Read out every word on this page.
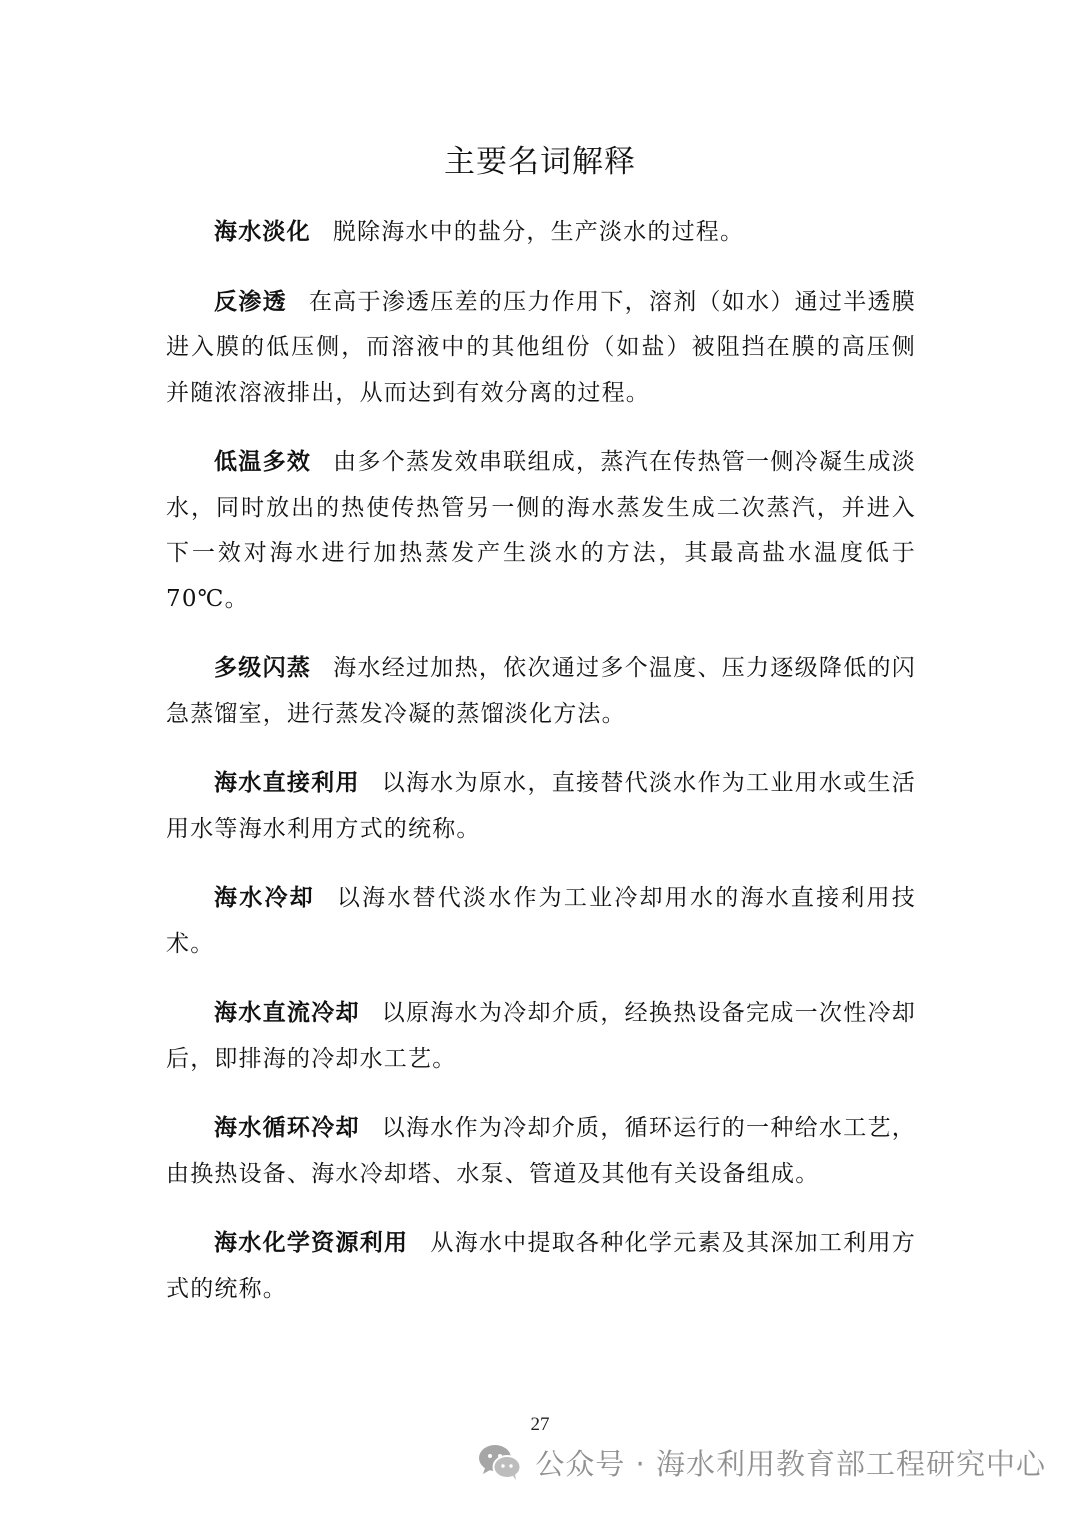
主要名词解释

海水淡化 脱除海水中的盐分，生产淡水的过程。

反渗透 在高于渗透压差的压力作用下，溶剂（如水）通过半透膜进入膜的低压侧，而溶液中的其他组份（如盐）被阻挡在膜的高压侧并随浓溶液排出，从而达到有效分离的过程。

低温多效 由多个蒸发效串联组成，蒸汽在传热管一侧冷凝生成淡水，同时放出的热使传热管另一侧的海水蒸发生成二次蒸汽，并进入下一效对海水进行加热蒸发产生淡水的方法，其最高盐水温度低于70℃。

多级闪蒸 海水经过加热，依次通过多个温度、压力逐级降低的闪急蒸馏室，进行蒸发冷凝的蒸馏淡化方法。

海水直接利用 以海水为原水，直接替代淡水作为工业用水或生活用水等海水利用方式的统称。

海水冷却 以海水替代淡水作为工业冷却用水的海水直接利用技术。

海水直流冷却 以原海水为冷却介质，经换热设备完成一次性冷却后，即排海的冷却水工艺。

海水循环冷却 以海水作为冷却介质，循环运行的一种给水工艺，由换热设备、海水冷却塔、水泵、管道及其他有关设备组成。

海水化学资源利用 从海水中提取各种化学元素及其深加工利用方式的统称。

27
公众号 · 海水利用教育部工程研究中心
